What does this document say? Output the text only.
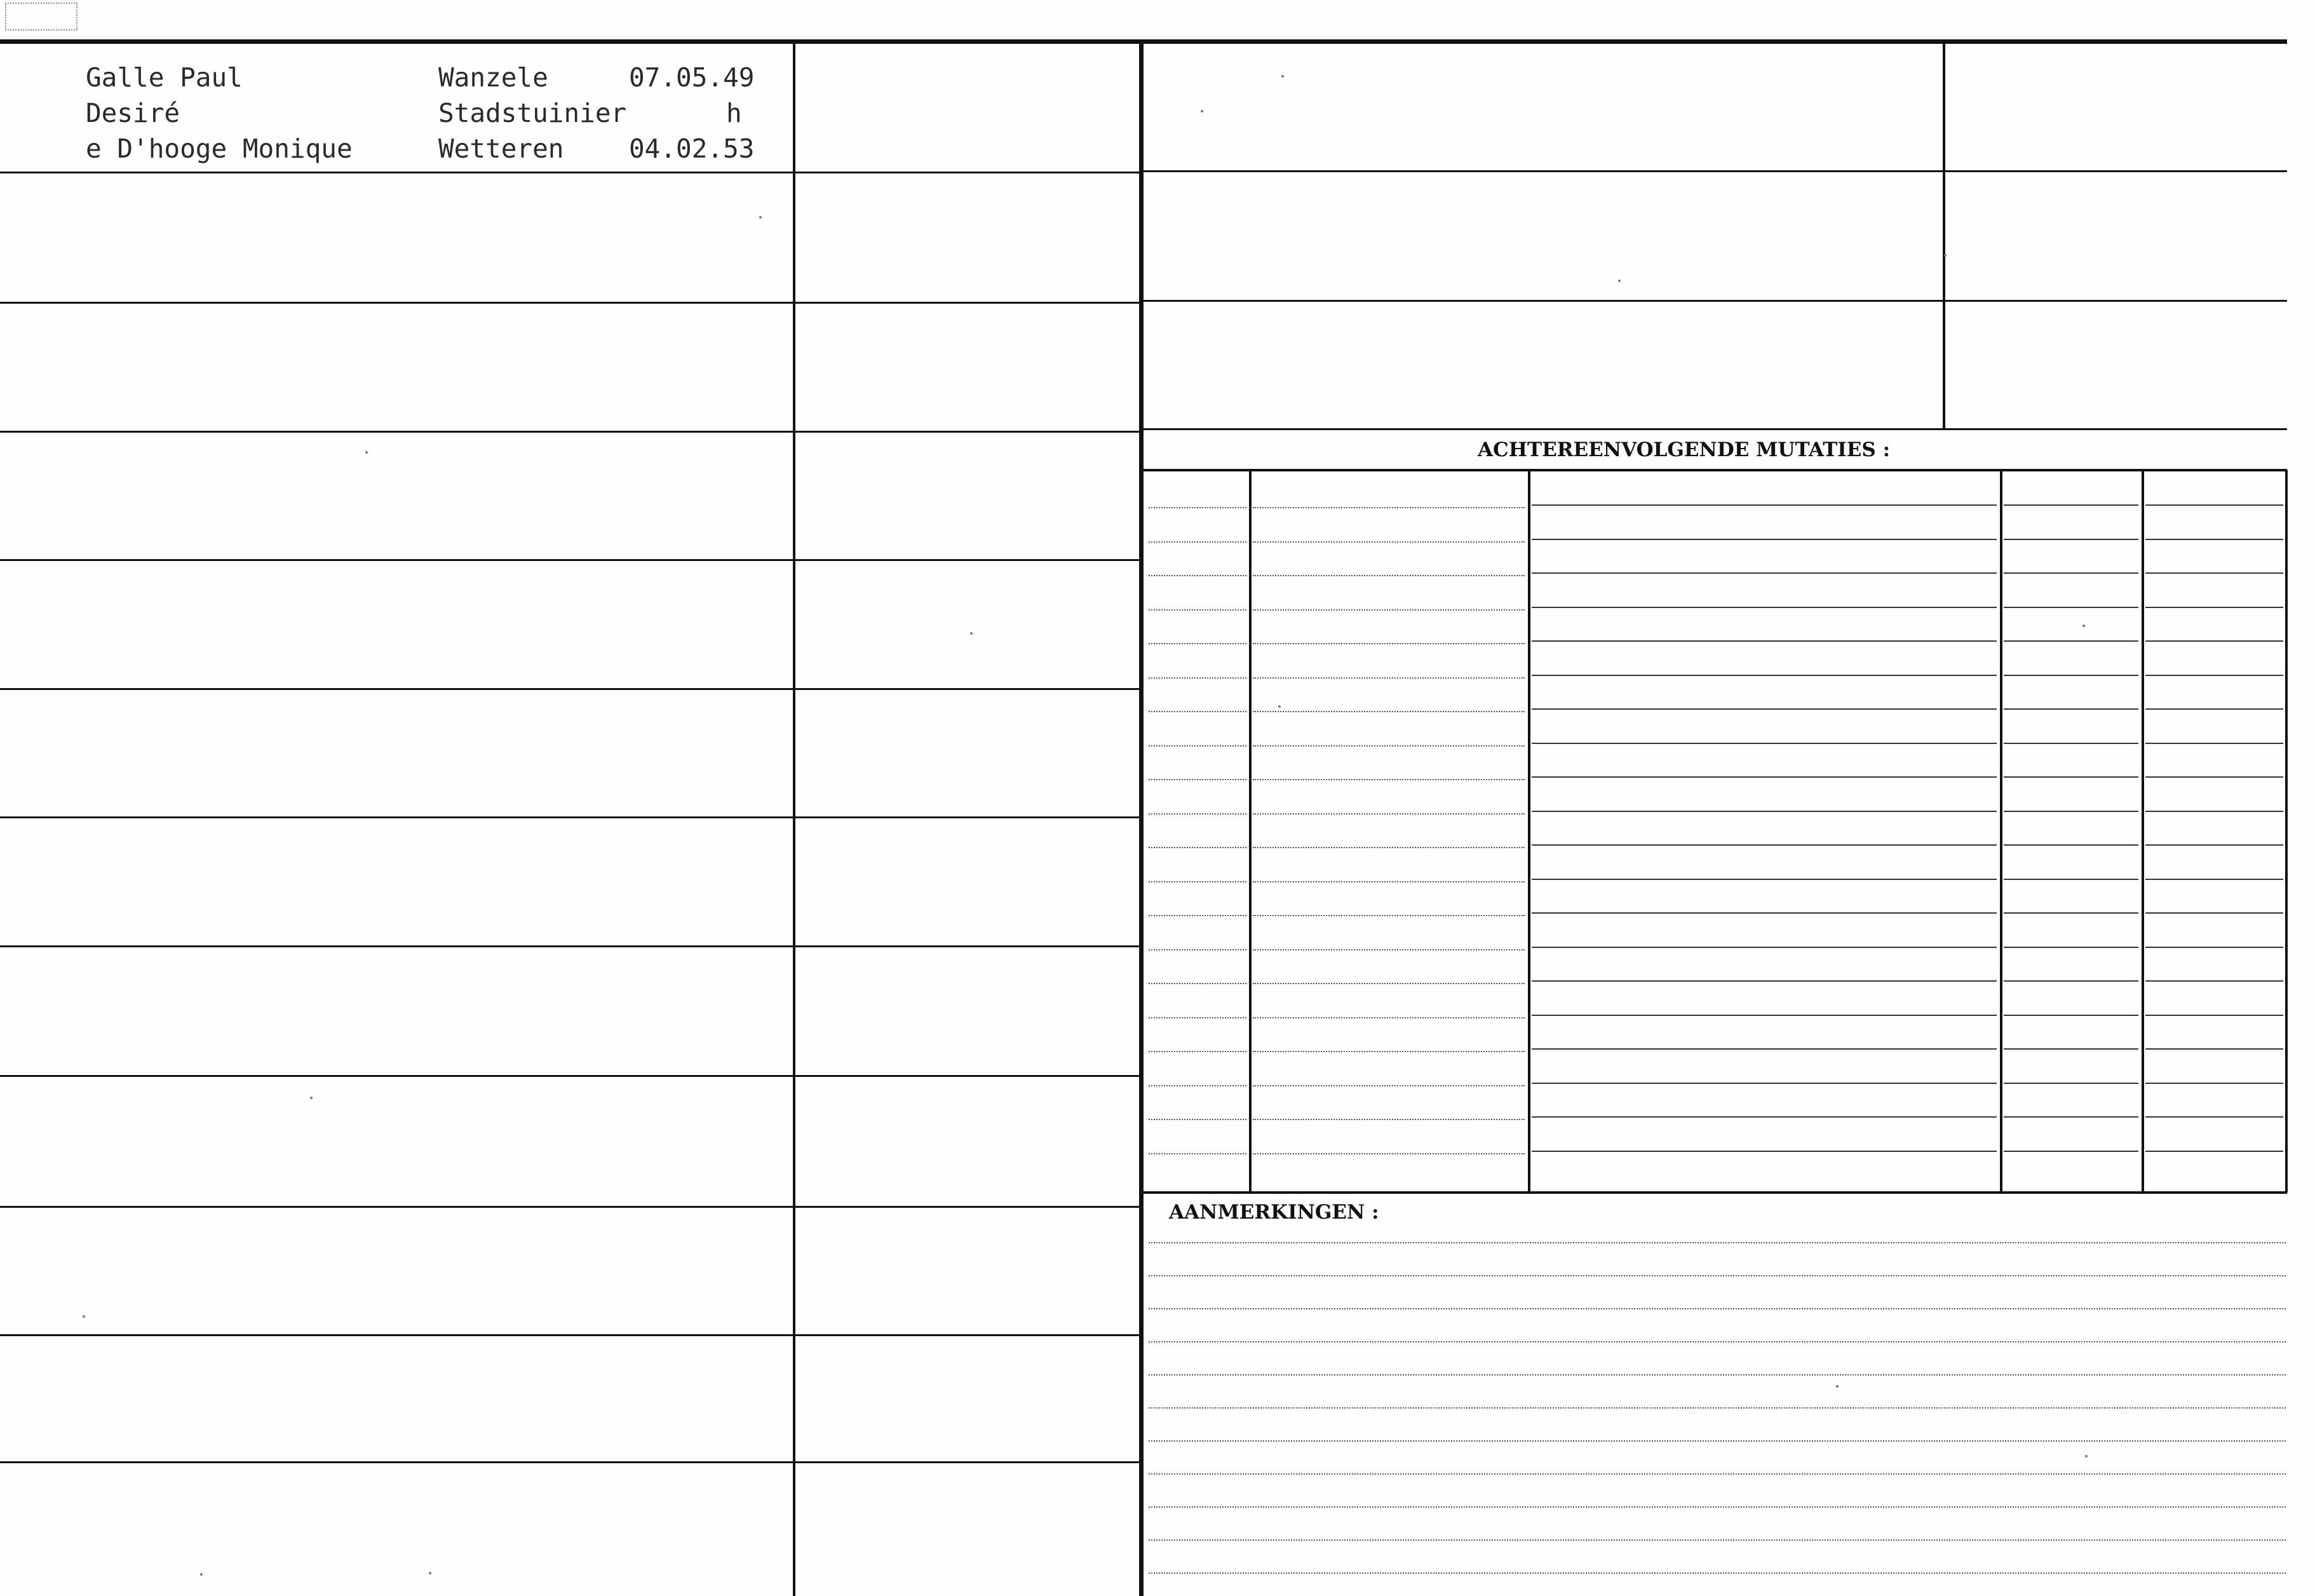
Galle Paul	Wanzele	07.05.49
Desiré	Stadstuinier	h
e D'hooge Monique	Wetteren	04.02.53
ACHTEREENVOLGENDE MUTATIES :
AANMERKINGEN :
